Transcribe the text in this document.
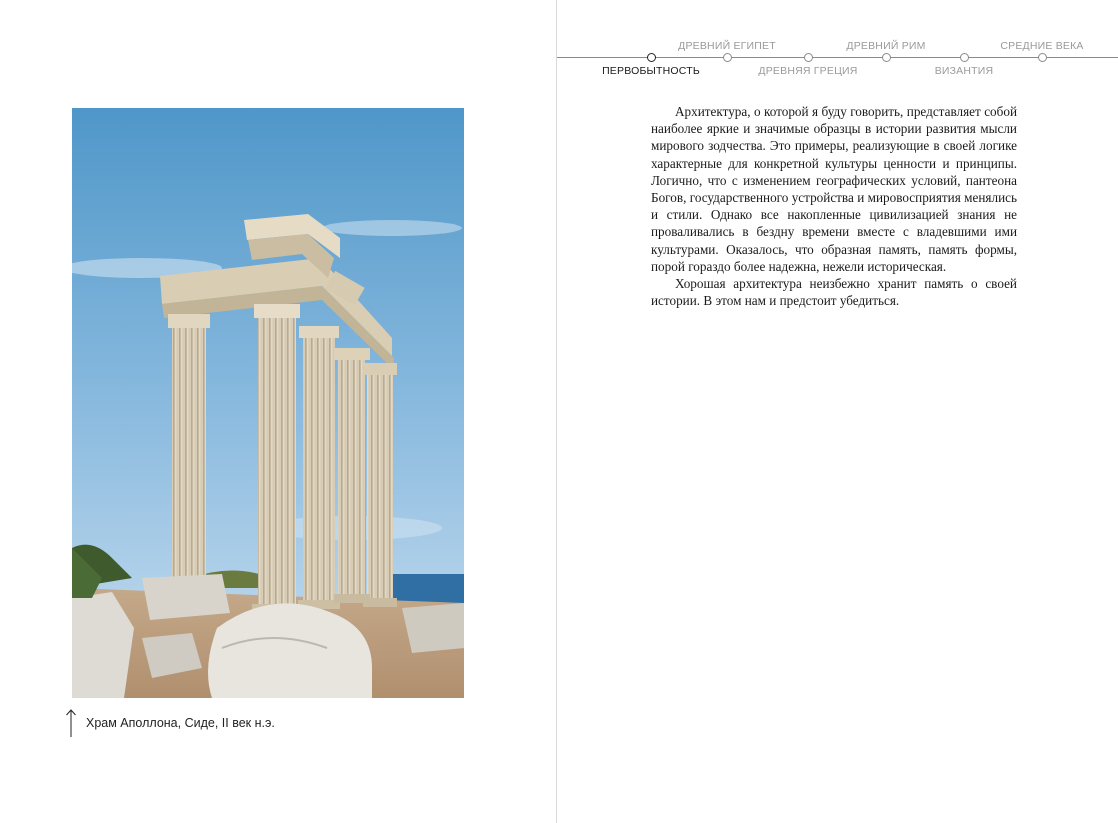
Храм Аполлона, Сиде, II век н.э.
ПЕРВОБЫТНОСТЬ
ДРЕВНИЙ ЕГИПЕТ
ДРЕВНЯЯ ГРЕЦИЯ
ДРЕВНИЙ РИМ
ВИЗАНТИЯ
СРЕДНИЕ ВЕКА

Архитектура, о которой я буду говорить, представляет собой наиболее яркие и значимые образцы в истории развития мысли мирового зодчества. Это примеры, реализующие в своей логике характерные для конкретной культуры ценности и принципы. Логично, что с изменением географических условий, пантеона Богов, государственного устройства и мировосприятия менялись и стили. Однако все накопленные цивилизацией знания не проваливались в бездну времени вместе с владевшими ими культурами. Оказалось, что образная память, память формы, порой гораздо более надежна, нежели историческая.

Хорошая архитектура неизбежно хранит память о своей истории. В этом нам и предстоит убедиться.
